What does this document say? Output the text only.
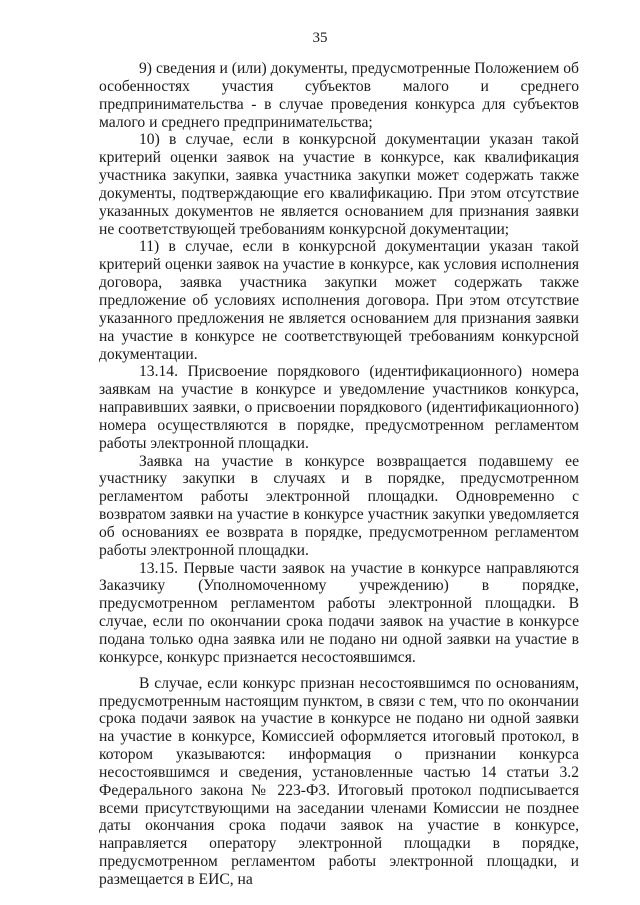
35

9) сведения и (или) документы, предусмотренные Положением об особенностях участия субъектов малого и среднего предпринимательства - в случае проведения конкурса для субъектов малого и среднего предпринимательства;

10) в случае, если в конкурсной документации указан такой критерий оценки заявок на участие в конкурсе, как квалификация участника закупки, заявка участника закупки может содержать также документы, подтверждающие его квалификацию. При этом отсутствие указанных документов не является основанием для признания заявки не соответствующей требованиям конкурсной документации;

11) в случае, если в конкурсной документации указан такой критерий оценки заявок на участие в конкурсе, как условия исполнения договора, заявка участника закупки может содержать также предложение об условиях исполнения договора. При этом отсутствие указанного предложения не является основанием для признания заявки на участие в конкурсе не соответствующей требованиям конкурсной документации.

13.14. Присвоение порядкового (идентификационного) номера заявкам на участие в конкурсе и уведомление участников конкурса, направивших заявки, о присвоении порядкового (идентификационного) номера осуществляются в порядке, предусмотренном регламентом работы электронной площадки.

Заявка на участие в конкурсе возвращается подавшему ее участнику закупки в случаях и в порядке, предусмотренном регламентом работы электронной площадки. Одновременно с возвратом заявки на участие в конкурсе участник закупки уведомляется об основаниях ее возврата в порядке, предусмотренном регламентом работы электронной площадки.

13.15. Первые части заявок на участие в конкурсе направляются Заказчику (Уполномоченному учреждению) в порядке, предусмотренном регламентом работы электронной площадки. В случае, если по окончании срока подачи заявок на участие в конкурсе подана только одна заявка или не подано ни одной заявки на участие в конкурсе, конкурс признается несостоявшимся.

В случае, если конкурс признан несостоявшимся по основаниям, предусмотренным настоящим пунктом, в связи с тем, что по окончании срока подачи заявок на участие в конкурсе не подано ни одной заявки на участие в конкурсе, Комиссией оформляется итоговый протокол, в котором указываются: информация о признании конкурса несостоявшимся и сведения, установленные частью 14 статьи 3.2 Федерального закона № 223-ФЗ. Итоговый протокол подписывается всеми присутствующими на заседании членами Комиссии не позднее даты окончания срока подачи заявок на участие в конкурсе, направляется оператору электронной площадки в порядке, предусмотренном регламентом работы электронной площадки, и размещается в ЕИС, на
